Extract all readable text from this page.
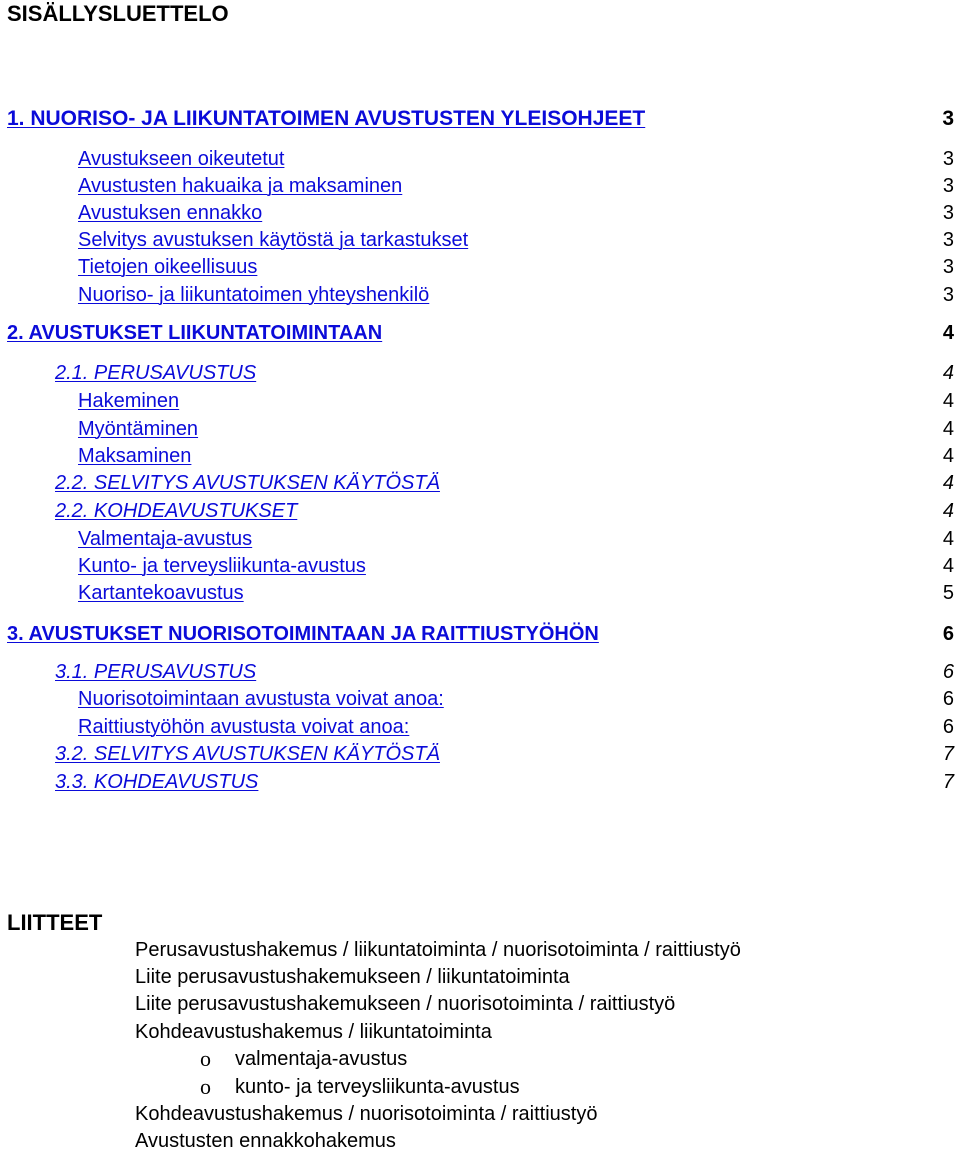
SISÄLLYSLUETTELO
1. NUORISO- JA LIIKUNTATOIMEN AVUSTUSTEN YLEISOHJEET	3
Avustukseen oikeutetut	3
Avustusten hakuaika ja maksaminen	3
Avustuksen ennakko	3
Selvitys avustuksen käytöstä ja tarkastukset	3
Tietojen oikeellisuus	3
Nuoriso- ja liikuntatoimen yhteyshenkilö	3
2. AVUSTUKSET LIIKUNTATOIMINTAAN	4
2.1. PERUSAVUSTUS	4
Hakeminen	4
Myöntäminen	4
Maksaminen	4
2.2. SELVITYS AVUSTUKSEN KÄYTÖSTÄ	4
2.2. KOHDEAVUSTUKSET	4
Valmentaja-avustus	4
Kunto- ja terveysliikunta-avustus	4
Kartantekoavustus	5
3. AVUSTUKSET NUORISOTOIMINTAAN JA RAITTIUSTYÖHÖN	6
3.1. PERUSAVUSTUS	6
Nuorisotoimintaan avustusta voivat anoa:	6
Raittiustyöhön avustusta voivat anoa:	6
3.2. SELVITYS AVUSTUKSEN KÄYTÖSTÄ	7
3.3. KOHDEAVUSTUS	7
LIITTEET
Perusavustushakemus / liikuntatoiminta / nuorisotoiminta / raittiustyö
Liite perusavustushakemukseen / liikuntatoiminta
Liite perusavustushakemukseen / nuorisotoiminta / raittiustyö
Kohdeavustushakemus / liikuntatoiminta
o valmentaja-avustus
o kunto- ja terveysliikunta-avustus
Kohdeavustushakemus / nuorisotoiminta / raittiustyö
Avustusten ennakkohakemus
